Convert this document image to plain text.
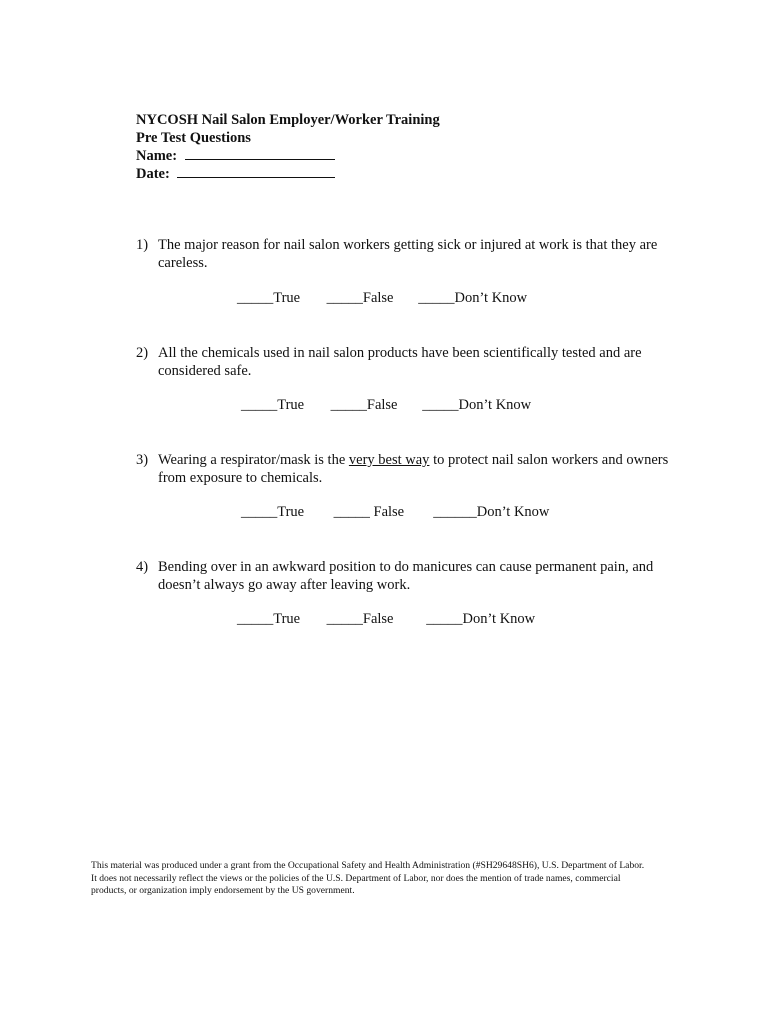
NYCOSH Nail Salon Employer/Worker Training
Pre Test Questions
Name:
Date:
1) The major reason for nail salon workers getting sick or injured at work is that they are careless.
_____True _____False _____Don’t Know
2) All the chemicals used in nail salon products have been scientifically tested and are considered safe.
_____True _____False _____Don’t Know
3) Wearing a respirator/mask is the very best way to protect nail salon workers and owners from exposure to chemicals.
_____True _____ False ______Don’t Know
4) Bending over in an awkward position to do manicures can cause permanent pain, and doesn’t always go away after leaving work.
_____True _____False _____Don’t Know
This material was produced under a grant from the Occupational Safety and Health Administration (#SH29648SH6), U.S. Department of Labor.
It does not necessarily reflect the views or the policies of the U.S. Department of Labor, nor does the mention of trade names, commercial
products, or organization imply endorsement by the US government.
